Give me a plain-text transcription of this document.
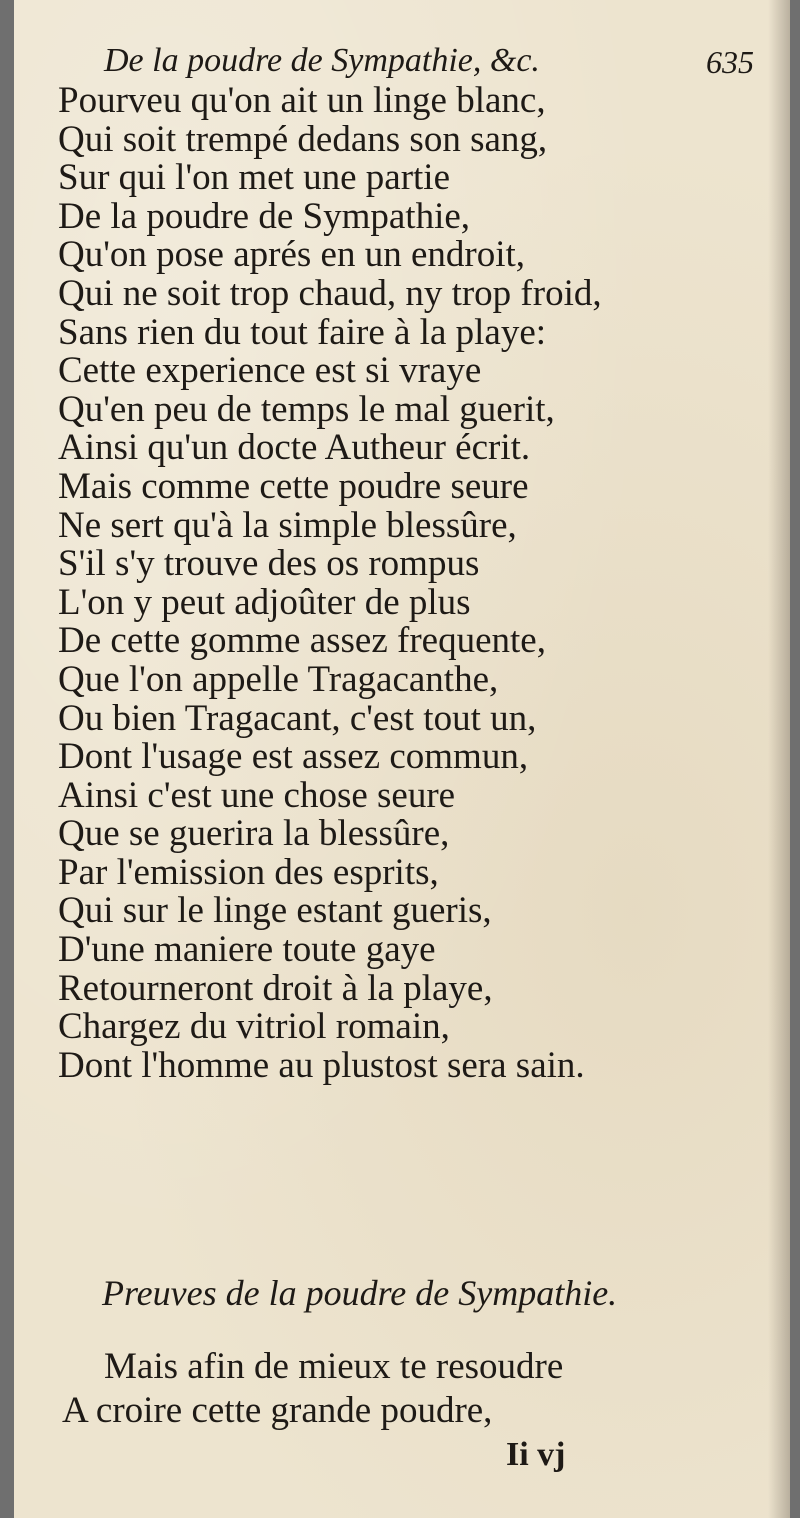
De la poudre de Sympathie, &c.	635
Pourveu qu'on ait un linge blanc,
Qui soit trempé dedans son sang,
Sur qui l'on met une partie
De la poudre de Sympathie,
Qu'on pose aprés en un endroit,
Qui ne soit trop chaud, ny trop froid,
Sans rien du tout faire à la playe:
Cette experience est si vraye
Qu'en peu de temps le mal guerit,
Ainsi qu'un docte Autheur écrit.
Mais comme cette poudre seure
Ne sert qu'à la simple blessûre,
S'il s'y trouve des os rompus
L'on y peut adjoûter de plus
De cette gomme assez frequente,
Que l'on appelle Tragacanthe,
Ou bien Tragacant, c'est tout un,
Dont l'usage est assez commun,
Ainsi c'est une chose seure
Que se guerira la blessûre,
Par l'emission des esprits,
Qui sur le linge estant gueris,
D'une maniere toute gaye
Retourneront droit à la playe,
Chargez du vitriol romain,
Dont l'homme au plustost sera sain.
Preuves de la poudre de Sympathie.
Mais afin de mieux te resoudre
A croire cette grande poudre,
Ii vj
